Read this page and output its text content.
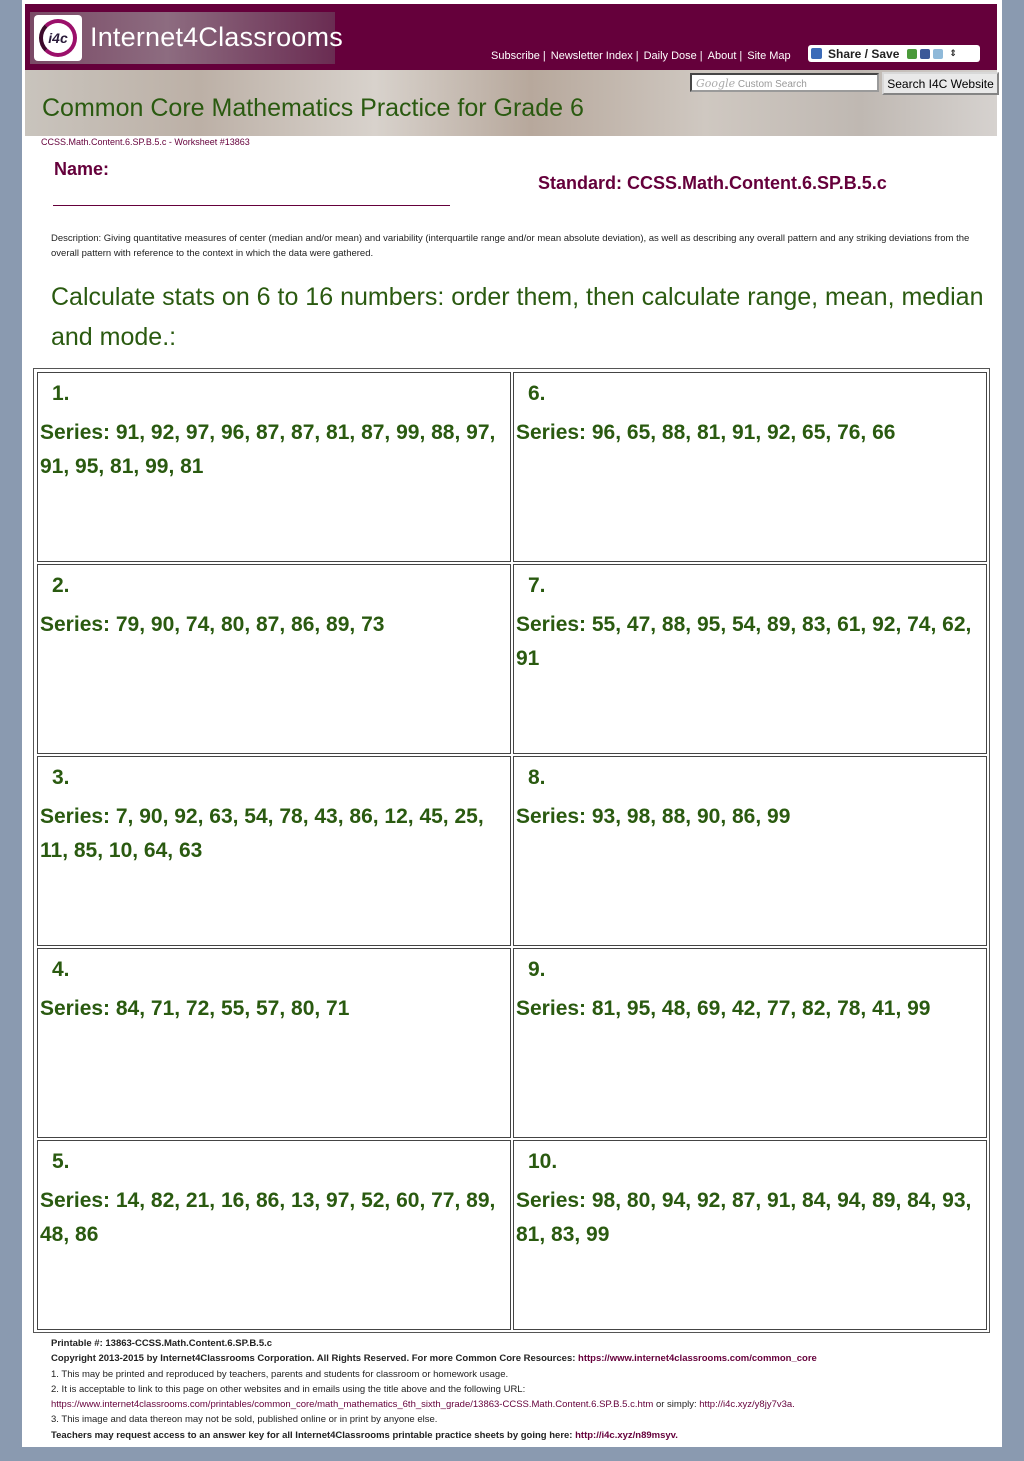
i4c Internet4Classrooms
Subscribe | Newsletter Index | Daily Dose | About | Site Map	Share / Save	⇕
Common Core Mathematics Practice for Grade 6
Google Custom Search	Search I4C Website
CCSS.Math.Content.6.SP.B.5.c - Worksheet #13863
Name:
Standard: CCSS.Math.Content.6.SP.B.5.c
Description: Giving quantitative measures of center (median and/or mean) and variability (interquartile range and/or mean absolute deviation), as well as describing any overall pattern and any striking deviations from the overall pattern with reference to the context in which the data were gathered.
Calculate stats on 6 to 16 numbers: order them, then calculate range, mean, median and mode.:
1.
Series: 91, 92, 97, 96, 87, 87, 81, 87, 99, 88, 97, 91, 95, 81, 99, 81
2.
Series: 79, 90, 74, 80, 87, 86, 89, 73
3.
Series: 7, 90, 92, 63, 54, 78, 43, 86, 12, 45, 25, 11, 85, 10, 64, 63
4.
Series: 84, 71, 72, 55, 57, 80, 71
5.
Series: 14, 82, 21, 16, 86, 13, 97, 52, 60, 77, 89, 48, 86
6.
Series: 96, 65, 88, 81, 91, 92, 65, 76, 66
7.
Series: 55, 47, 88, 95, 54, 89, 83, 61, 92, 74, 62, 91
8.
Series: 93, 98, 88, 90, 86, 99
9.
Series: 81, 95, 48, 69, 42, 77, 82, 78, 41, 99
10.
Series: 98, 80, 94, 92, 87, 91, 84, 94, 89, 84, 93, 81, 83, 99
Printable #: 13863-CCSS.Math.Content.6.SP.B.5.c
Copyright 2013-2015 by Internet4Classrooms Corporation. All Rights Reserved. For more Common Core Resources: https://www.internet4classrooms.com/common_core
1. This may be printed and reproduced by teachers, parents and students for classroom or homework usage.
2. It is acceptable to link to this page on other websites and in emails using the title above and the following URL:
https://www.internet4classrooms.com/printables/common_core/math_mathematics_6th_sixth_grade/13863-CCSS.Math.Content.6.SP.B.5.c.htm or simply: http://i4c.xyz/y8jy7v3a.
3. This image and data thereon may not be sold, published online or in print by anyone else.
Teachers may request access to an answer key for all Internet4Classrooms printable practice sheets by going here: http://i4c.xyz/n89msyv.
